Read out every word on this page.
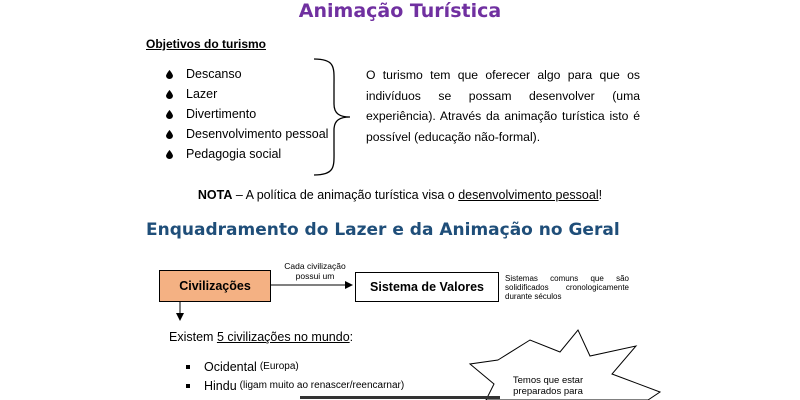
Animação Turística
Objetivos do turismo
Descanso
Lazer
Divertimento
Desenvolvimento pessoal
Pedagogia social
O turismo tem que oferecer algo para que os indivíduos se possam desenvolver (uma experiência). Através da animação turística isto é possível (educação não-formal).
NOTA – A política de animação turística visa o desenvolvimento pessoal!
Enquadramento do Lazer e da Animação no Geral
Civilizações
Cada civilização possui um
Sistema de Valores
Sistemas comuns que são solidificados cronologicamente durante séculos
Existem 5 civilizações no mundo:
Ocidental (Europa)
Hindu (ligam muito ao renascer/reencarnar)	Temos que estar preparados para
